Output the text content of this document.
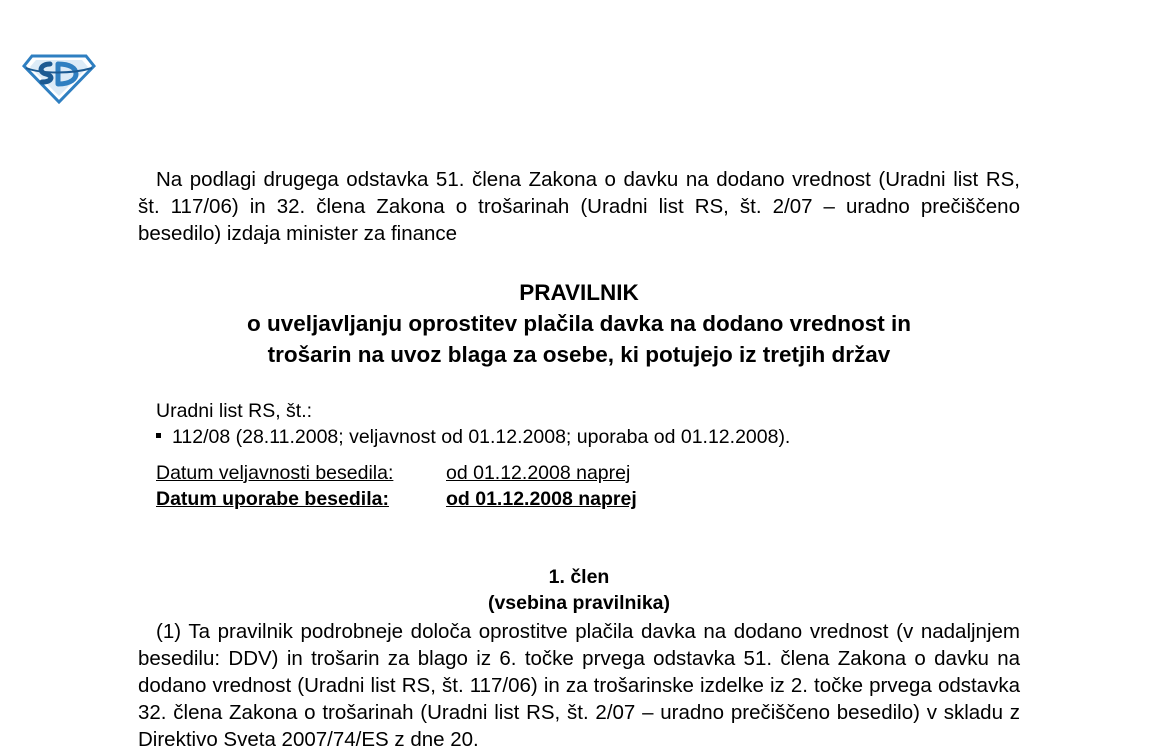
Na podlagi drugega odstavka 51. člena Zakona o davku na dodano vrednost (Uradni list RS, št. 117/06) in 32. člena Zakona o trošarinah (Uradni list RS, št. 2/07 – uradno prečiščeno besedilo) izdaja minister za finance

PRAVILNIK
o uveljavljanju oprostitev plačila davka na dodano vrednost in
trošarin na uvoz blaga za osebe, ki potujejo iz tretjih držav
Uradni list RS, št.:
112/08 (28.11.2008; veljavnost od 01.12.2008; uporaba od 01.12.2008).
Datum veljavnosti besedila:	od 01.12.2008 naprej
Datum uporabe besedila:	od 01.12.2008 naprej
1. člen
(vsebina pravilnika)

(1) Ta pravilnik podrobneje določa oprostitve plačila davka na dodano vrednost (v nadaljnjem besedilu: DDV) in trošarin za blago iz 6. točke prvega odstavka 51. člena Zakona o davku na dodano vrednost (Uradni list RS, št. 117/06) in za trošarinske izdelke iz 2. točke prvega odstavka 32. člena Zakona o trošarinah (Uradni list RS, št. 2/07 – uradno prečiščeno besedilo) v skladu z Direktivo Sveta 2007/74/ES z dne 20.
